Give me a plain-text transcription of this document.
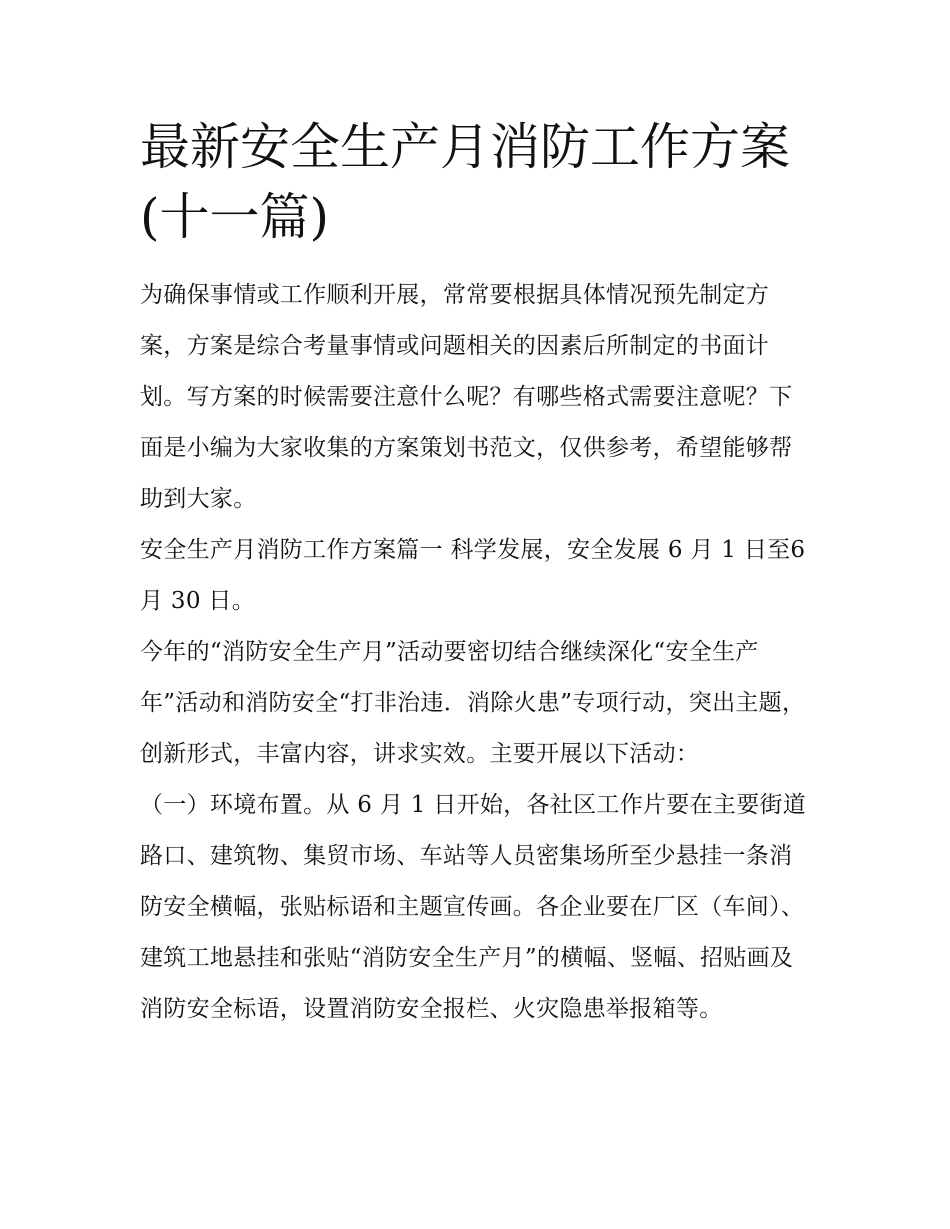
最新安全生产月消防工作方案(十一篇)

为确保事情或工作顺利开展，常常要根据具体情况预先制定方案，方案是综合考量事情或问题相关的因素后所制定的书面计划。写方案的时候需要注意什么呢？有哪些格式需要注意呢？下面是小编为大家收集的方案策划书范文，仅供参考，希望能够帮助到大家。

安全生产月消防工作方案篇一 科学发展，安全发展 6 月 1 日至6 月 30 日。

今年的“消防安全生产月”活动要密切结合继续深化“安全生产年”活动和消防安全“打非治违．消除火患”专项行动，突出主题，创新形式，丰富内容，讲求实效。主要开展以下活动：

（一）环境布置。从 6 月 1 日开始，各社区工作片要在主要街道路口、建筑物、集贸市场、车站等人员密集场所至少悬挂一条消防安全横幅，张贴标语和主题宣传画。各企业要在厂区（车间）、建筑工地悬挂和张贴“消防安全生产月”的横幅、竖幅、招贴画及消防安全标语，设置消防安全报栏、火灾隐患举报箱等。
